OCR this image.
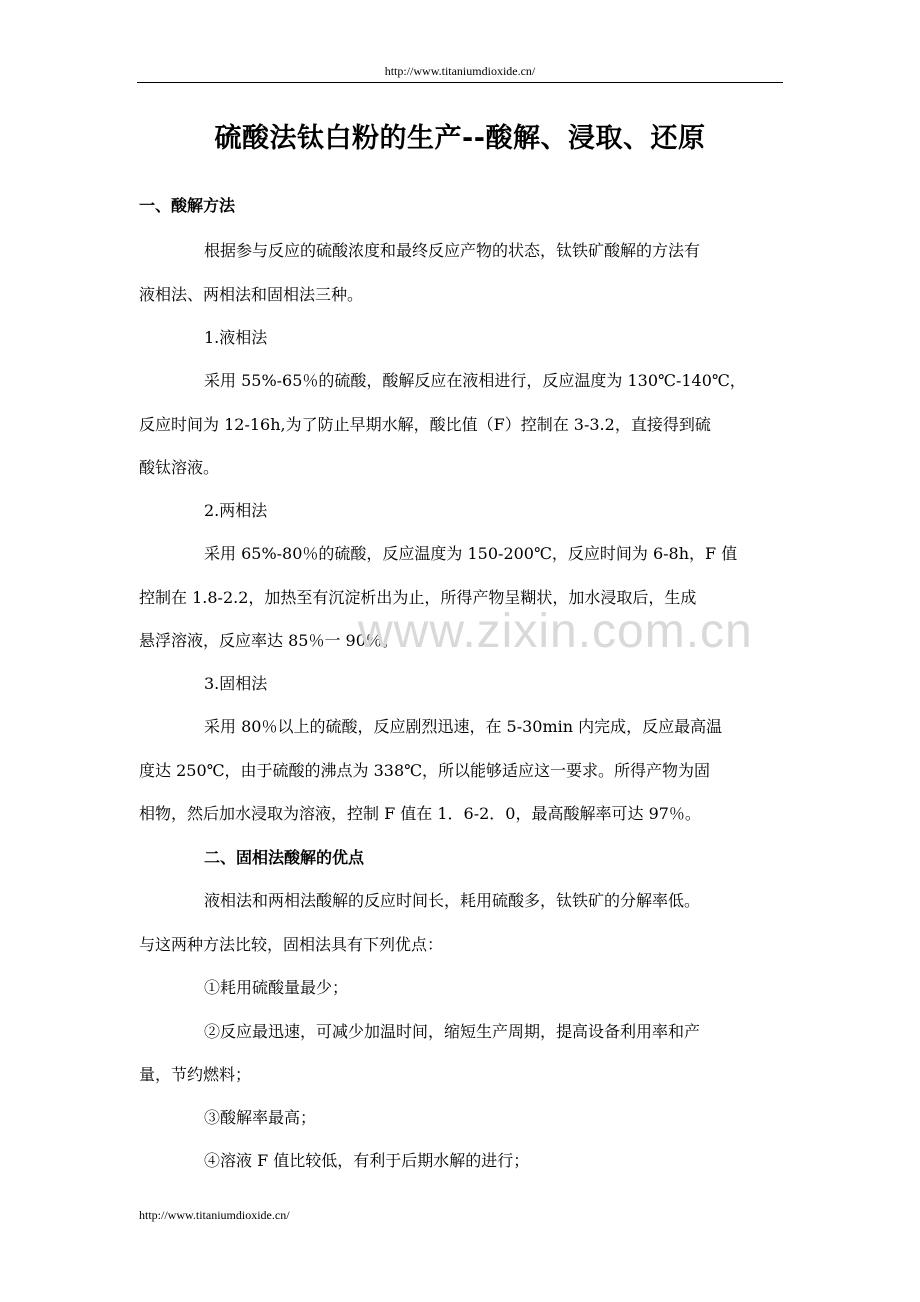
http://www.titaniumdioxide.cn/
硫酸法钛白粉的生产--酸解、浸取、还原
一、酸解方法
根据参与反应的硫酸浓度和最终反应产物的状态，钛铁矿酸解的方法有
液相法、两相法和固相法三种。
1.液相法
采用 55%-65％的硫酸，酸解反应在液相进行，反应温度为 130℃-140℃，
反应时间为 12-16h,为了防止早期水解，酸比值（F）控制在 3-3.2，直接得到硫
酸钛溶液。
2.两相法
采用 65%-80％的硫酸，反应温度为 150-200℃，反应时间为 6-8h，F 值
控制在 1.8-2.2，加热至有沉淀析出为止，所得产物呈糊状，加水浸取后，生成
悬浮溶液，反应率达 85％一 90％。
3.固相法
采用 80％以上的硫酸，反应剧烈迅速，在 5-30min 内完成，反应最高温
度达 250℃，由于硫酸的沸点为 338℃，所以能够适应这一要求。所得产物为固
相物，然后加水浸取为溶液，控制 F 值在 1．6-2．0，最高酸解率可达 97％。
二、固相法酸解的优点
液相法和两相法酸解的反应时间长，耗用硫酸多，钛铁矿的分解率低。
与这两种方法比较，固相法具有下列优点：
①耗用硫酸量最少；
②反应最迅速，可减少加温时间，缩短生产周期，提高设备利用率和产
量，节约燃料；
③酸解率最高；
④溶液 F 值比较低，有利于后期水解的进行；
www.zixin.com.cn
http://www.titaniumdioxide.cn/
